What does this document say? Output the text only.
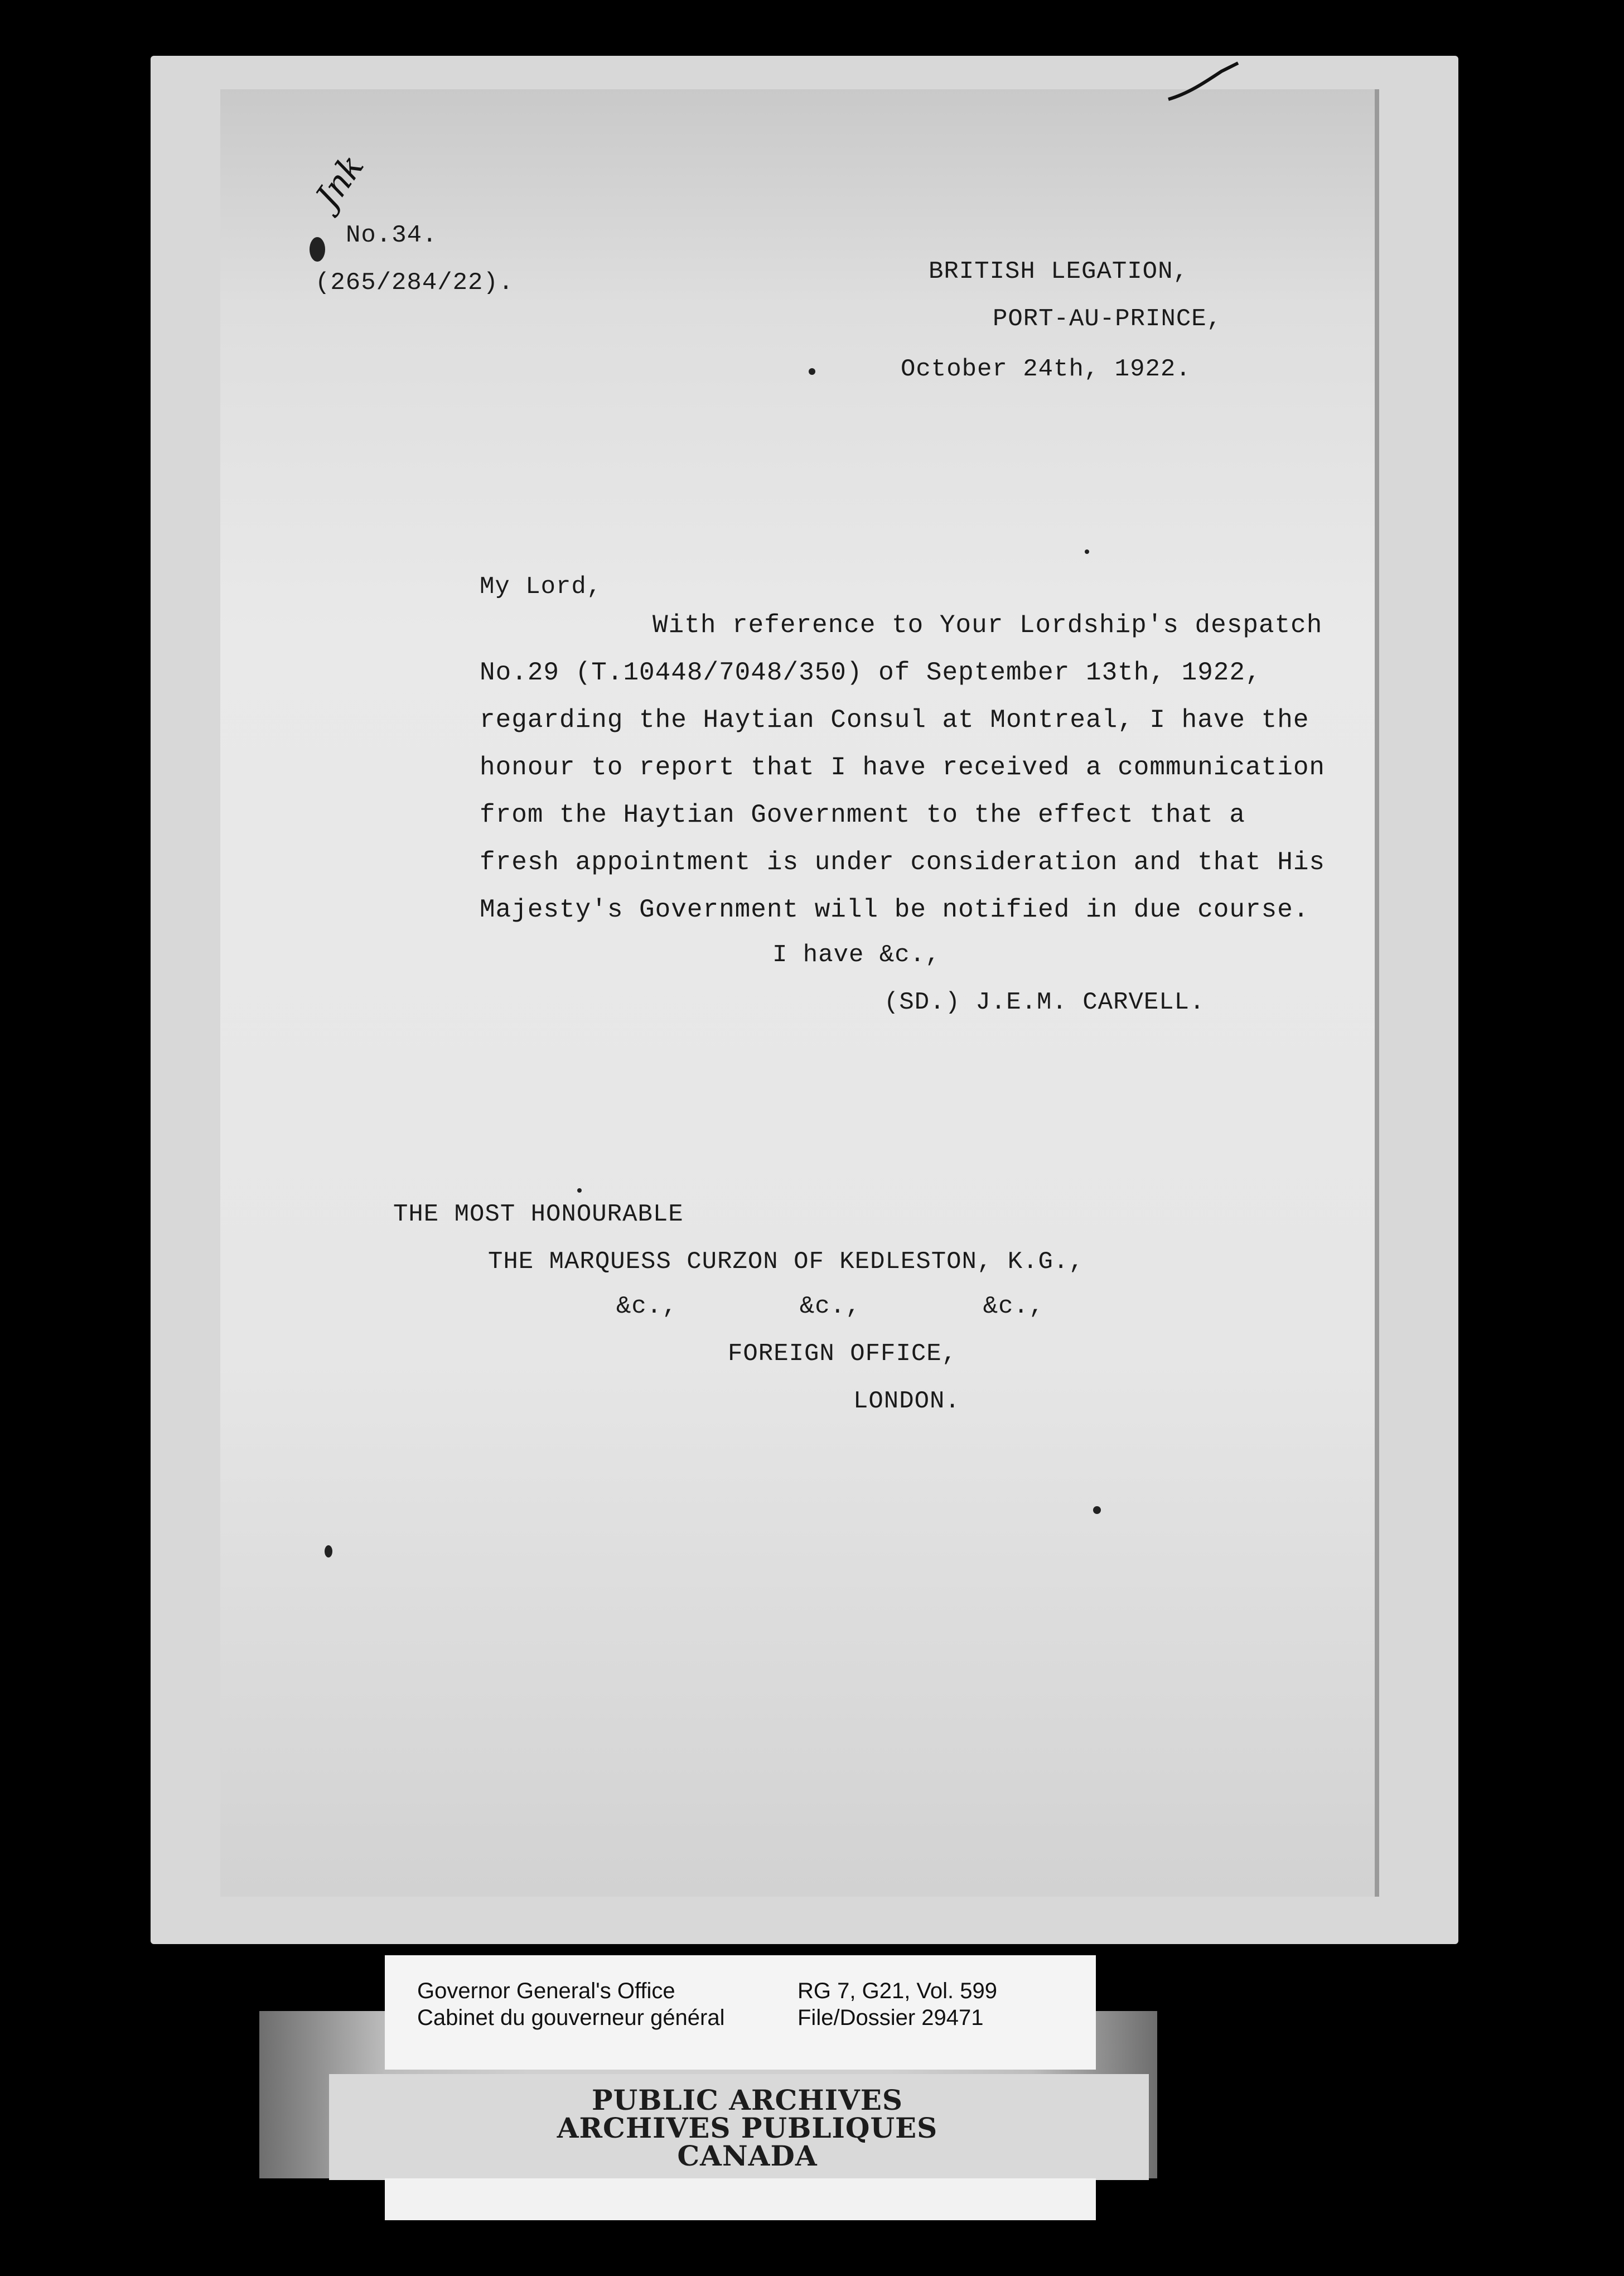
Jnk
No.34.
(265/284/22).	BRITISH LEGATION,
PORT-AU-PRINCE,
October 24th, 1922.
My Lord,
With reference to Your Lordship's despatch
No.29 (T.10448/7048/350) of September 13th, 1922,
regarding the Haytian Consul at Montreal, I have the
honour to report that I have received a communication
from the Haytian Government to the effect that a
fresh appointment is under consideration and that His
Majesty's Government will be notified in due course.
I have &c.,
(SD.) J.E.M. CARVELL.
THE MOST HONOURABLE
THE MARQUESS CURZON OF KEDLESTON, K.G.,
&c.,        &c.,        &c.,
FOREIGN OFFICE,
LONDON.
Governor General's Office
Cabinet du gouverneur général
RG 7, G21, Vol. 599
File/Dossier 29471
PUBLIC ARCHIVES
ARCHIVES PUBLIQUES
CANADA
